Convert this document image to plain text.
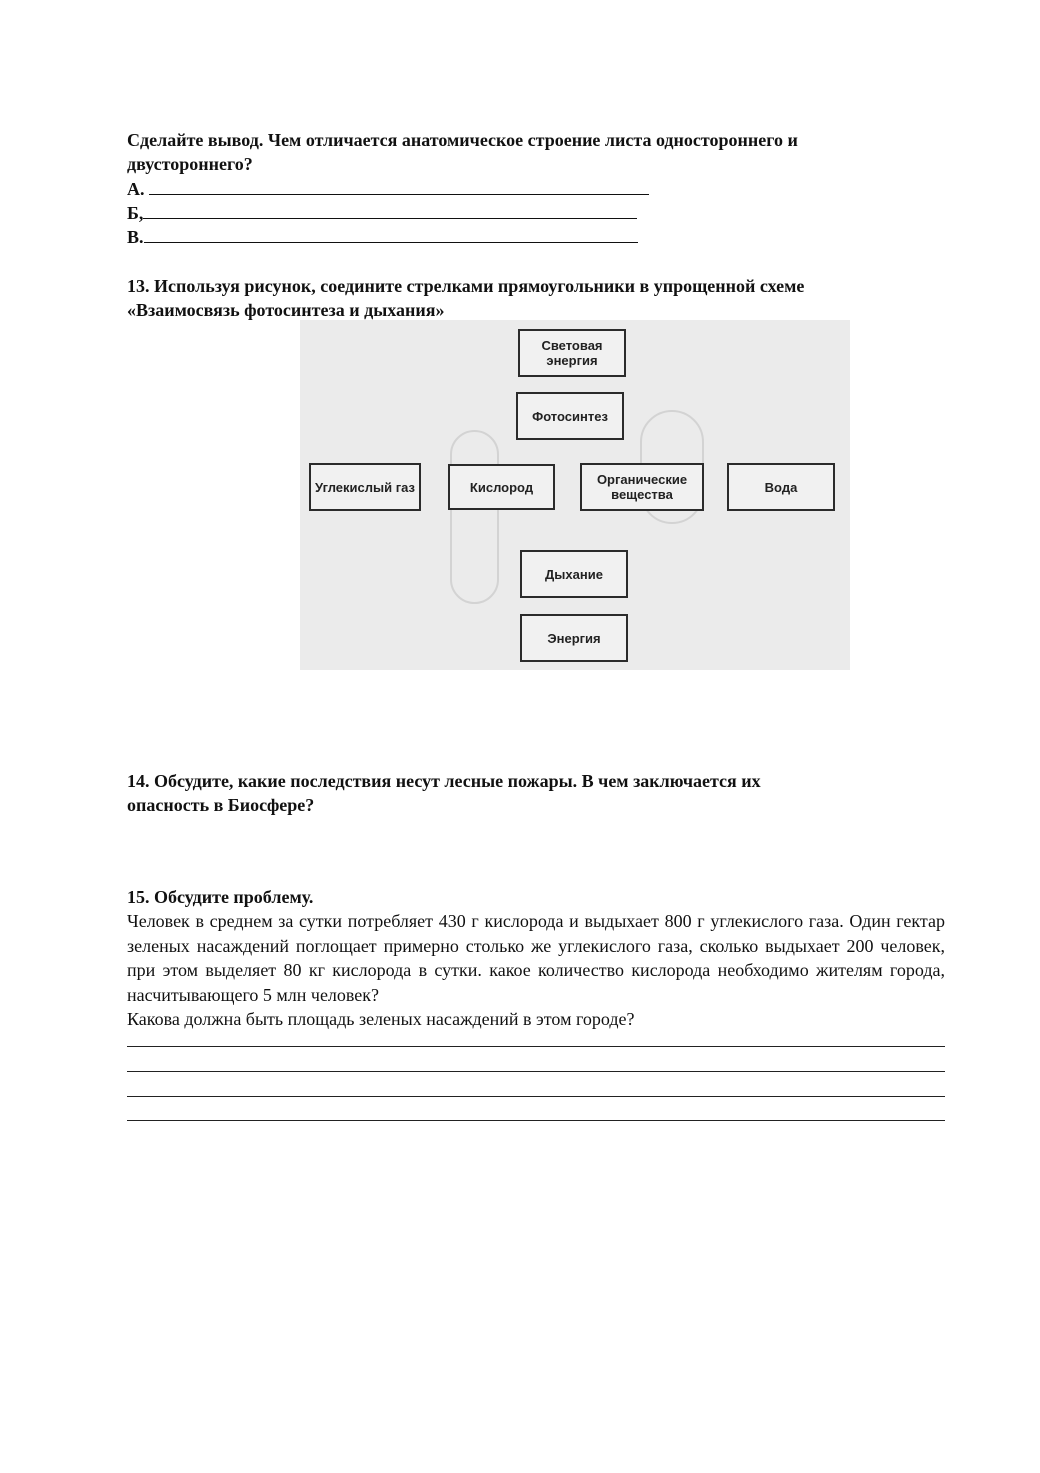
Сделайте вывод. Чем отличается анатомическое строение листа одностороннего и двустороннего?
А.
Б,
В.
13. Используя рисунок, соедините стрелками прямоугольники в упрощенной схеме
«Взаимосвязь фотосинтеза и дыхания»
Световая энергия
Фотосинтез
Углекислый газ	Кислород	Органические вещества	Вода
Дыхание
Энергия
14. Обсудите, какие последствия несут лесные пожары. В чем заключается их
опасность в Биосфере?
15. Обсудите проблему.
Человек в среднем за сутки потребляет 430 г кислорода и выдыхает 800 г углекислого газа. Один гектар зеленых насаждений поглощает примерно столько же углекислого газа, сколько выдыхает 200 человек, при этом выделяет 80 кг кислорода в сутки. какое количество кислорода необходимо жителям города, насчитывающего 5 млн человек?
Какова должна быть площадь зеленых насаждений в этом городе?
